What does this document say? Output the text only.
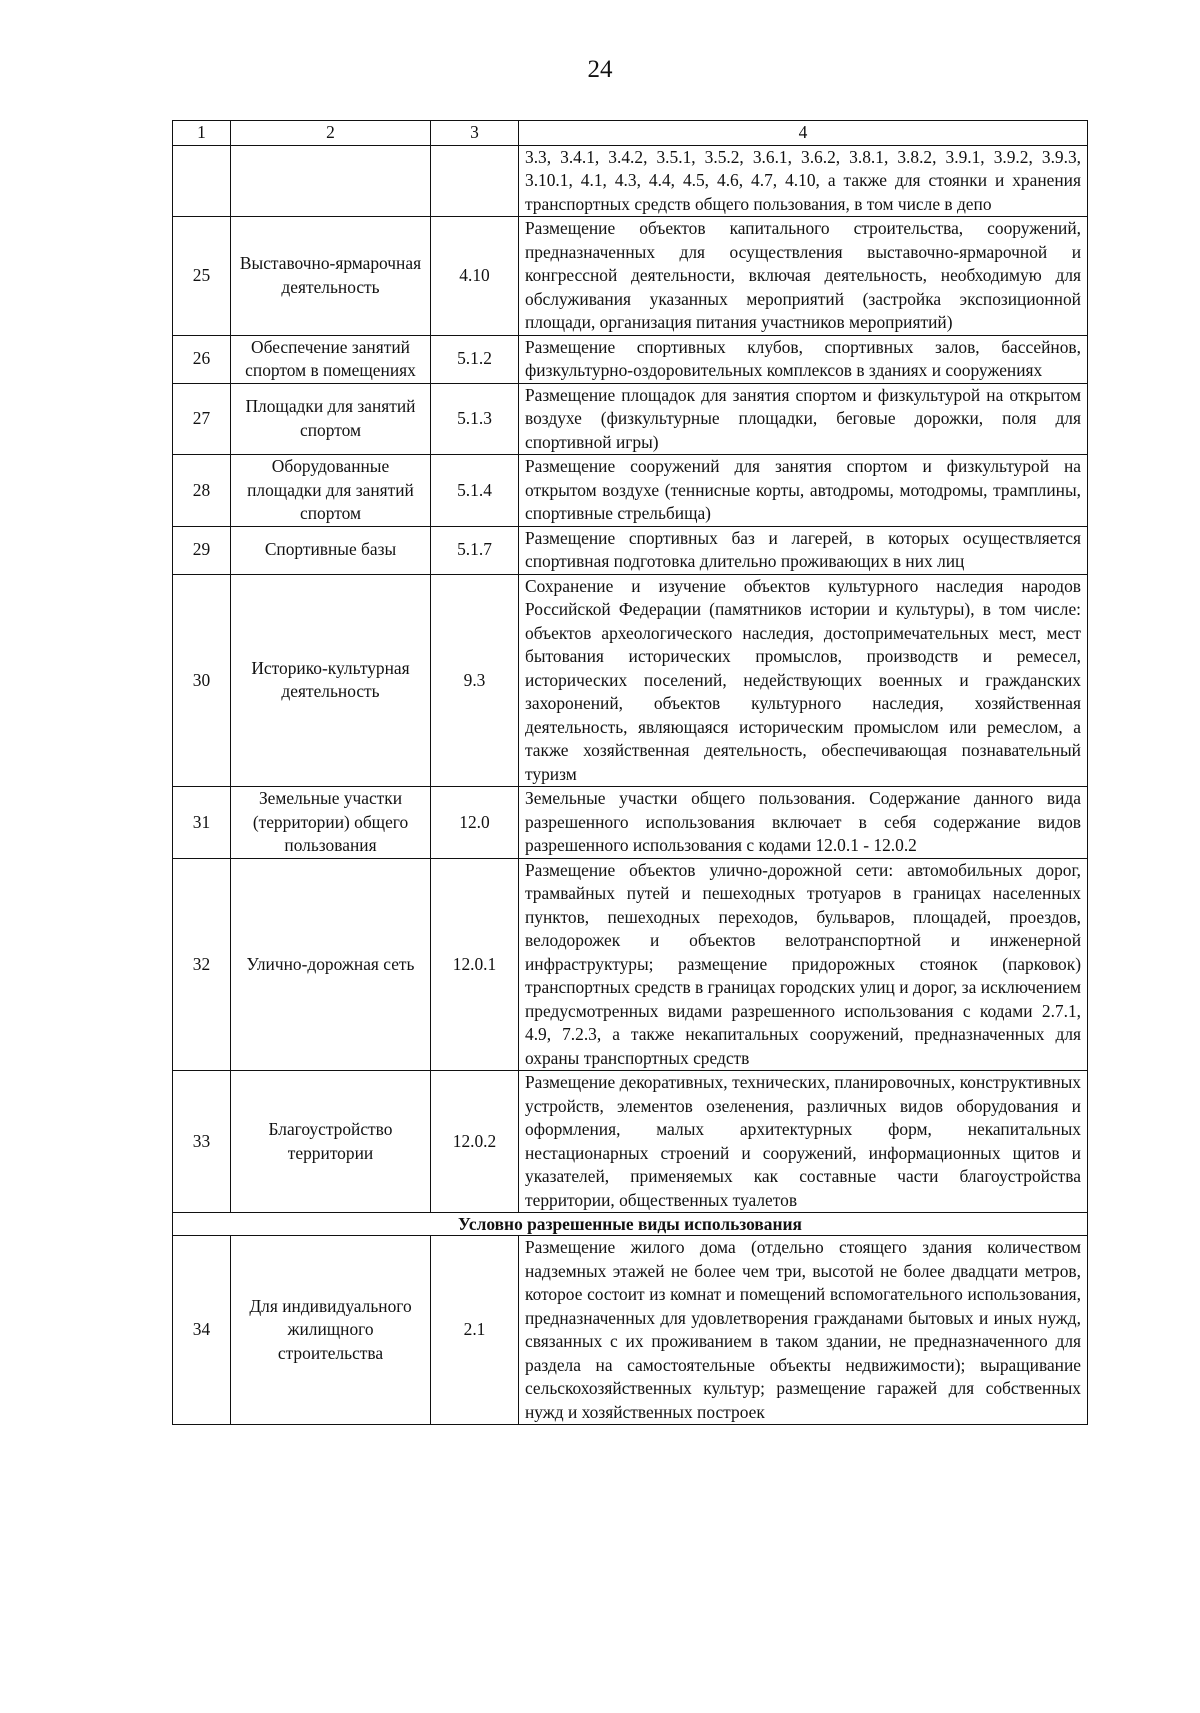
24
1	2	3	4
			3.3, 3.4.1, 3.4.2, 3.5.1, 3.5.2, 3.6.1, 3.6.2, 3.8.1, 3.8.2, 3.9.1, 3.9.2, 3.9.3, 3.10.1, 4.1, 4.3, 4.4, 4.5, 4.6, 4.7, 4.10, а также для стоянки и хранения транспортных средств общего пользования, в том числе в депо
25	Выставочно-ярмарочная деятельность	4.10	Размещение объектов капитального строительства, сооружений, предназначенных для осуществления выставочно-ярмарочной и конгрессной деятельности, включая деятельность, необходимую для обслуживания указанных мероприятий (застройка экспозиционной площади, организация питания участников мероприятий)
26	Обеспечение занятий спортом в помещениях	5.1.2	Размещение спортивных клубов, спортивных залов, бассейнов, физкультурно-оздоровительных комплексов в зданиях и сооружениях
27	Площадки для занятий спортом	5.1.3	Размещение площадок для занятия спортом и физкультурой на открытом воздухе (физкультурные площадки, беговые дорожки, поля для спортивной игры)
28	Оборудованные площадки для занятий спортом	5.1.4	Размещение сооружений для занятия спортом и физкультурой на открытом воздухе (теннисные корты, автодромы, мотодромы, трамплины, спортивные стрельбища)
29	Спортивные базы	5.1.7	Размещение спортивных баз и лагерей, в которых осуществляется спортивная подготовка длительно проживающих в них лиц
30	Историко-культурная деятельность	9.3	Сохранение и изучение объектов культурного наследия народов Российской Федерации (памятников истории и культуры), в том числе: объектов археологического наследия, достопримечательных мест, мест бытования исторических промыслов, производств и ремесел, исторических поселений, недействующих военных и гражданских захоронений, объектов культурного наследия, хозяйственная деятельность, являющаяся историческим промыслом или ремеслом, а также хозяйственная деятельность, обеспечивающая познавательный туризм
31	Земельные участки (территории) общего пользования	12.0	Земельные участки общего пользования. Содержание данного вида разрешенного использования включает в себя содержание видов разрешенного использования с кодами 12.0.1 - 12.0.2
32	Улично-дорожная сеть	12.0.1	Размещение объектов улично-дорожной сети: автомобильных дорог, трамвайных путей и пешеходных тротуаров в границах населенных пунктов, пешеходных переходов, бульваров, площадей, проездов, велодорожек и объектов велотранспортной и инженерной инфраструктуры; размещение придорожных стоянок (парковок) транспортных средств в границах городских улиц и дорог, за исключением предусмотренных видами разрешенного использования с кодами 2.7.1, 4.9, 7.2.3, а также некапитальных сооружений, предназначенных для охраны транспортных средств
33	Благоустройство территории	12.0.2	Размещение декоративных, технических, планировочных, конструктивных устройств, элементов озеленения, различных видов оборудования и оформления, малых архитектурных форм, некапитальных нестационарных строений и сооружений, информационных щитов и указателей, применяемых как составные части благоустройства территории, общественных туалетов
Условно разрешенные виды использования			
34	Для индивидуального жилищного строительства	2.1	Размещение жилого дома (отдельно стоящего здания количеством надземных этажей не более чем три, высотой не более двадцати метров, которое состоит из комнат и помещений вспомогательного использования, предназначенных для удовлетворения гражданами бытовых и иных нужд, связанных с их проживанием в таком здании, не предназначенного для раздела на самостоятельные объекты недвижимости); выращивание сельскохозяйственных культур; размещение гаражей для собственных нужд и хозяйственных построек
